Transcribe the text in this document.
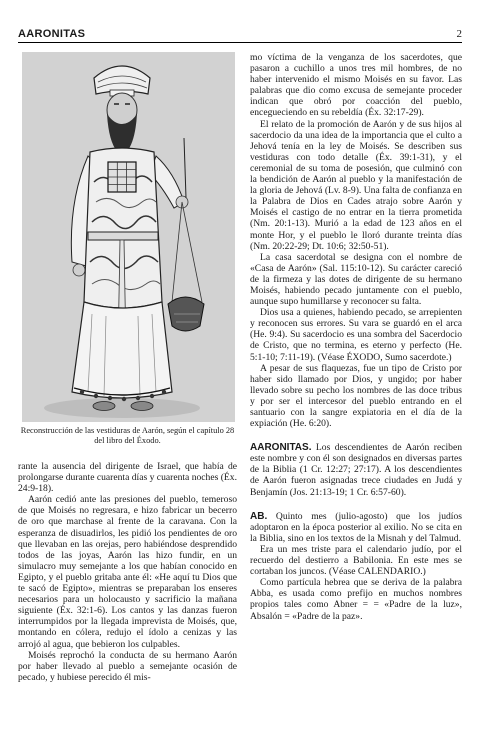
AARONITAS	2
Reconstrucción de las vestiduras de Aarón, según el capítulo 28 del libro del Éxodo.

rante la ausencia del dirigente de Israel, que había de prolongarse durante cuarenta días y cuarenta noches (Éx. 24:9-18).

Aarón cedió ante las presiones del pueblo, temeroso de que Moisés no regresara, e hizo fabricar un becerro de oro que marchase al frente de la caravana. Con la esperanza de disuadirlos, les pidió los pendientes de oro que llevaban en las orejas, pero habiéndose desprendido todos de las joyas, Aarón las hizo fundir, en un simulacro muy semejante a los que habían conocido en Egipto, y el pueblo gritaba ante él: «He aquí tu Dios que te sacó de Egipto», mientras se preparaban los enseres necesarios para un holocausto y sacrificio la mañana siguiente (Éx. 32:1-6). Los cantos y las danzas fueron interrumpidos por la llegada imprevista de Moisés, que, montando en cólera, redujo el ídolo a cenizas y las arrojó al agua, que bebieron los culpables.

Moisés reprochó la conducta de su hermano Aarón por haber llevado al pueblo a semejante ocasión de pecado, y hubiese perecido él mis-

mo víctima de la venganza de los sacerdotes, que pasaron a cuchillo a unos tres mil hombres, de no haber intervenido el mismo Moisés en su favor. Las palabras que dio como excusa de semejante proceder indican que obró por coacción del pueblo, encegueciendo en su rebeldía (Éx. 32:17-29).

El relato de la promoción de Aarón y de sus hijos al sacerdocio da una idea de la importancia que el culto a Jehová tenía en la ley de Moisés. Se describen sus vestiduras con todo detalle (Éx. 39:1-31), y el ceremonial de su toma de posesión, que culminó con la bendición de Aarón al pueblo y la manifestación de la gloria de Jehová (Lv. 8-9). Una falta de confianza en la Palabra de Dios en Cades atrajo sobre Aarón y Moisés el castigo de no entrar en la tierra prometida (Nm. 20:1-13). Murió a la edad de 123 años en el monte Hor, y el pueblo le lloró durante treinta días (Nm. 20:22-29; Dt. 10:6; 32:50-51).

La casa sacerdotal se designa con el nombre de «Casa de Aarón» (Sal. 115:10-12). Su carácter careció de la firmeza y las dotes de dirigente de su hermano Moisés, habiendo pecado juntamente con el pueblo, aunque supo humillarse y reconocer su falta.

Dios usa a quienes, habiendo pecado, se arrepienten y reconocen sus errores. Su vara se guardó en el arca (He. 9:4). Su sacerdocio es una sombra del Sacerdocio de Cristo, que no termina, es eterno y perfecto (He. 5:1-10; 7:11-19). (Véase ÉXODO, Sumo sacerdote.)

A pesar de sus flaquezas, fue un tipo de Cristo por haber sido llamado por Dios, y ungido; por haber llevado sobre su pecho los nombres de las doce tribus y por ser el intercesor del pueblo entrando en el santuario con la sangre expiatoria en el día de la expiación (He. 6:20).

AARONITAS. Los descendientes de Aarón reciben este nombre y con él son designados en diversas partes de la Biblia (1 Cr. 12:27; 27:17). A los descendientes de Aarón fueron asignadas trece ciudades en Judá y Benjamín (Jos. 21:13-19; 1 Cr. 6:57-60).

AB. Quinto mes (julio-agosto) que los judíos adoptaron en la época posterior al exilio. No se cita en la Biblia, sino en los textos de la Misnah y del Talmud.

Era un mes triste para el calendario judío, por el recuerdo del destierro a Babilonia. En este mes se cortaban los juncos. (Véase CALENDARIO.)

Como partícula hebrea que se deriva de la palabra Abba, es usada como prefijo en muchos nombres propios tales como Abner = = «Padre de la luz», Absalón = «Padre de la paz».
